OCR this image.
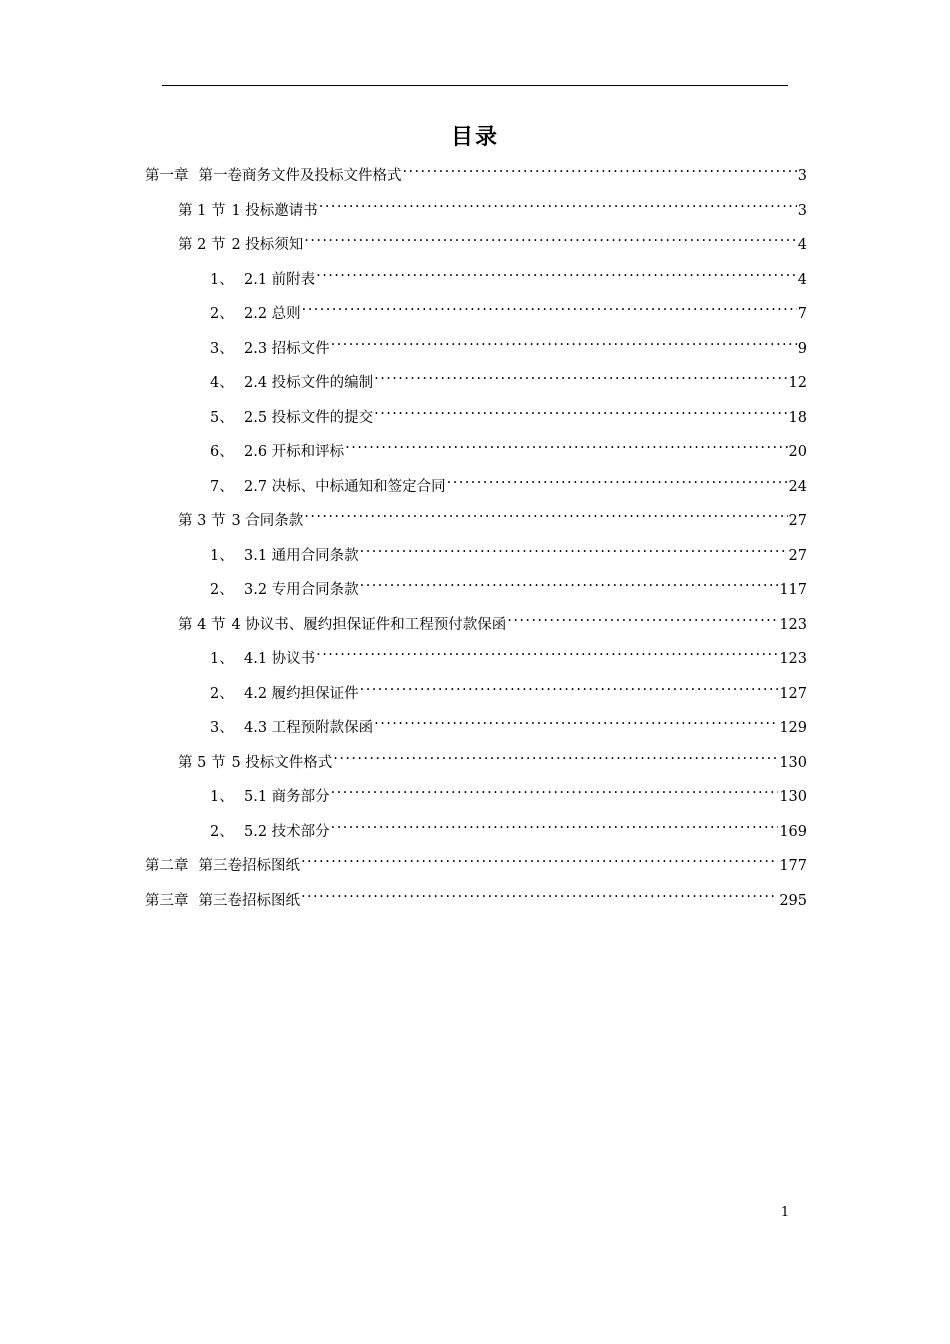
目录
第一章 第一卷商务文件及投标文件格式 . . .	3
第 1 节 1 投标邀请书 . . .	3
第 2 节 2 投标须知 . . .	4
1、 2.1 前附表 . . .	4
2、 2.2 总则 . . .	7
3、 2.3 招标文件 . . .	9
4、 2.4 投标文件的编制 . . .	12
5、 2.5 投标文件的提交 . . .	18
6、 2.6 开标和评标 . . .	20
7、 2.7 决标、中标通知和签定合同 . . .	24
第 3 节 3 合同条款 . . .	27
1、 3.1 通用合同条款 . . .	27
2、 3.2 专用合同条款 . . .	117
第 4 节 4 协议书、履约担保证件和工程预付款保函 . . .	123
1、 4.1 协议书 . . .	123
2、 4.2 履约担保证件 . . .	127
3、 4.3 工程预附款保函 . . .	129
第 5 节 5 投标文件格式 . . .	130
1、 5.1 商务部分 . . .	130
2、 5.2 技术部分 . . .	169
第二章 第三卷招标图纸 . . .	177
第三章 第三卷招标图纸 . . .	295
1
